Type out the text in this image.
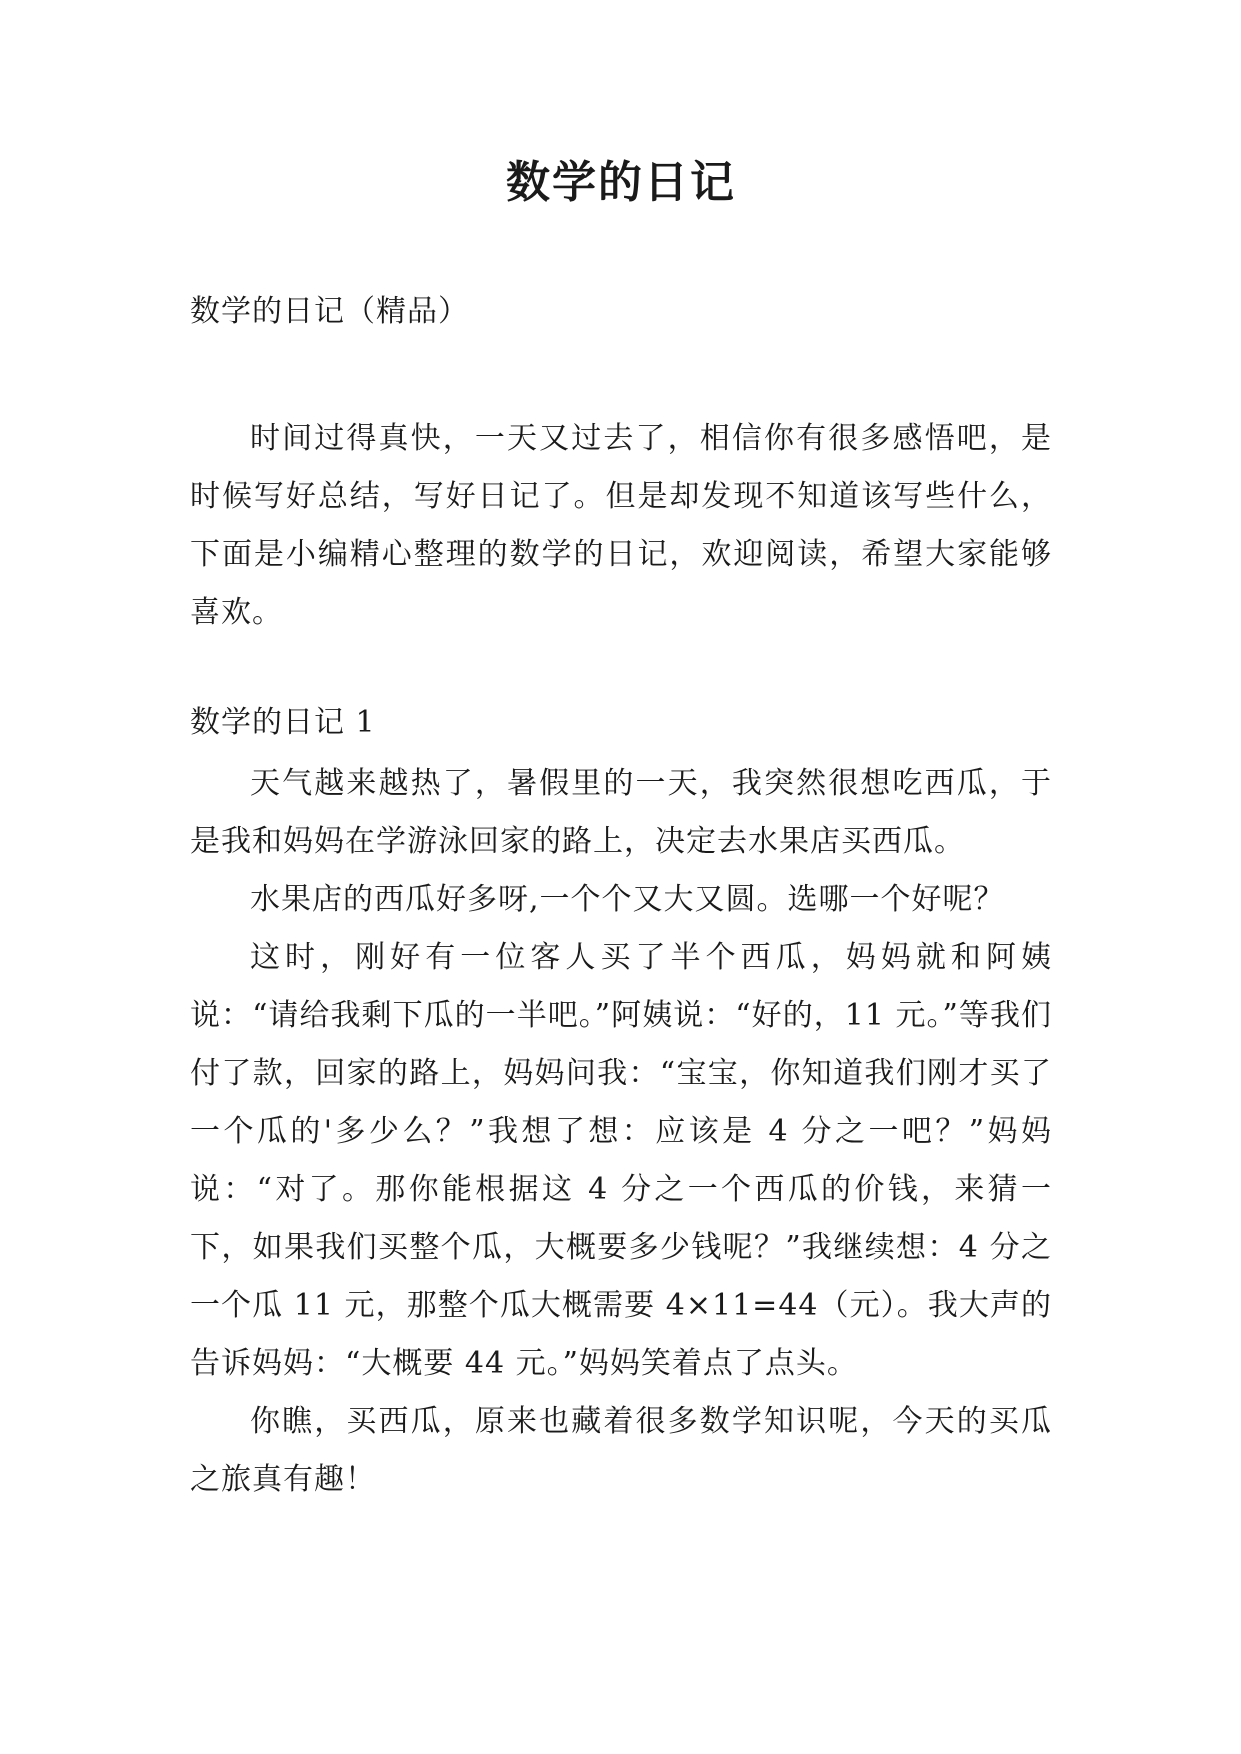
数学的日记

数学的日记（精品）

时间过得真快，一天又过去了，相信你有很多感悟吧，是时候写好总结，写好日记了。但是却发现不知道该写些什么，下面是小编精心整理的数学的日记，欢迎阅读，希望大家能够喜欢。

数学的日记 1

天气越来越热了，暑假里的一天，我突然很想吃西瓜，于是我和妈妈在学游泳回家的路上，决定去水果店买西瓜。

水果店的西瓜好多呀,一个个又大又圆。选哪一个好呢？

这时，刚好有一位客人买了半个西瓜，妈妈就和阿姨说：“请给我剩下瓜的一半吧。”阿姨说：“好的，11 元。”等我们付了款，回家的路上，妈妈问我：“宝宝，你知道我们刚才买了一个瓜的'多少么？”我想了想：应该是 4 分之一吧？”妈妈说：“对了。那你能根据这 4 分之一个西瓜的价钱，来猜一下，如果我们买整个瓜，大概要多少钱呢？”我继续想：4 分之一个瓜 11 元，那整个瓜大概需要 4×11=44（元）。我大声的告诉妈妈：“大概要 44 元。”妈妈笑着点了点头。

你瞧，买西瓜，原来也藏着很多数学知识呢，今天的买瓜之旅真有趣！
